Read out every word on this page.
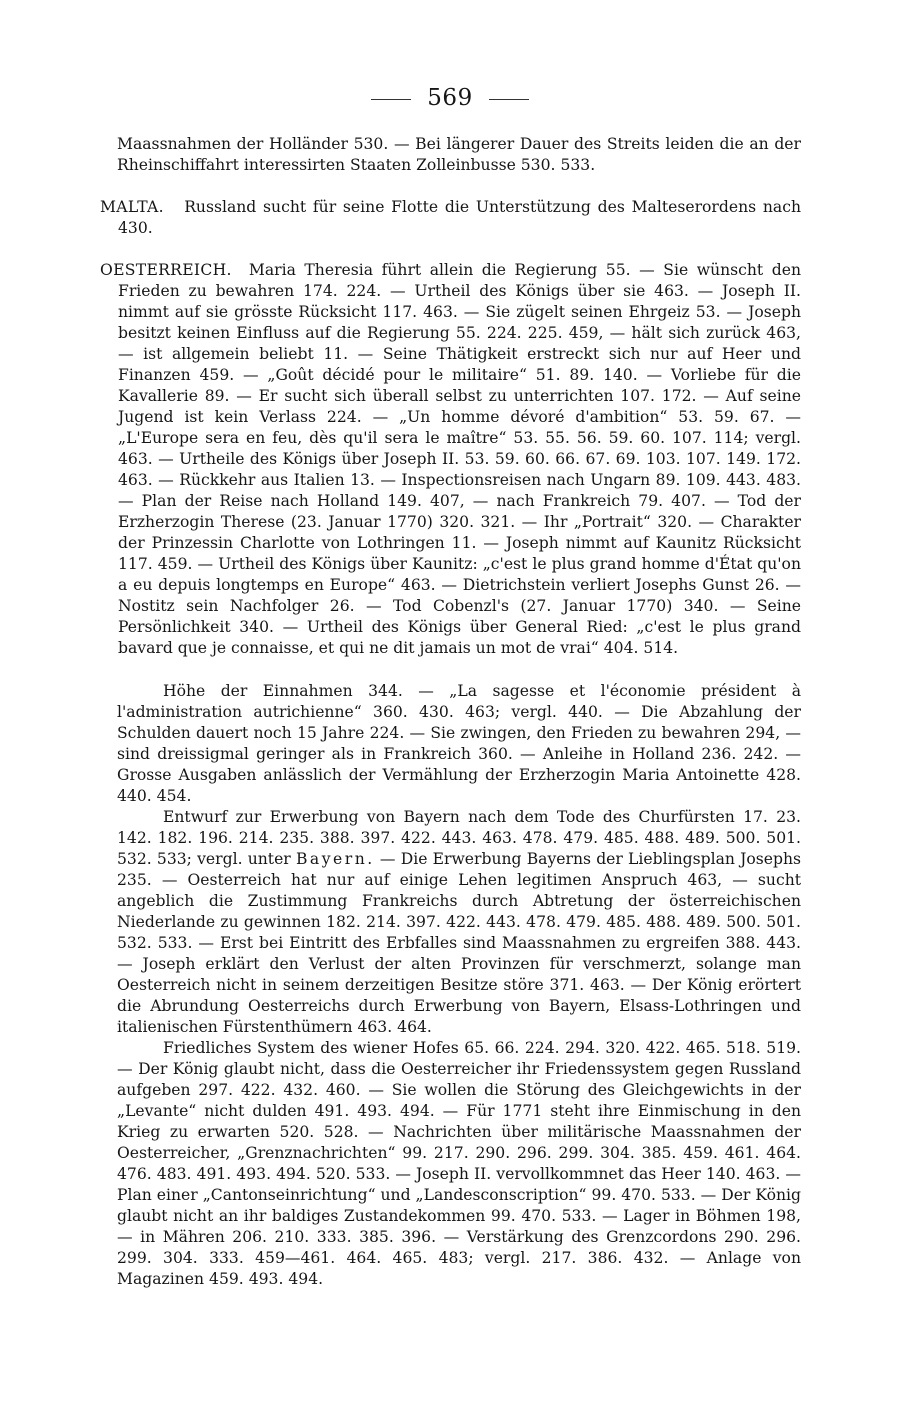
569

Maassnahmen der Holländer 530. — Bei längerer Dauer des Streits leiden die an der Rheinschiffahrt interessirten Staaten Zolleinbusse 530. 533.

MALTA. Russland sucht für seine Flotte die Unterstützung des Malteserordens nach 430.

OESTERREICH. Maria Theresia führt allein die Regierung 55. — Sie wünscht den Frieden zu bewahren 174. 224. — Urtheil des Königs über sie 463. — Joseph II. nimmt auf sie grösste Rücksicht 117. 463. — Sie zügelt seinen Ehrgeiz 53. — Joseph besitzt keinen Einfluss auf die Regierung 55. 224. 225. 459, — hält sich zurück 463, — ist allgemein beliebt 11. — Seine Thätigkeit erstreckt sich nur auf Heer und Finanzen 459. — „Goût décidé pour le militaire“ 51. 89. 140. — Vorliebe für die Kavallerie 89. — Er sucht sich überall selbst zu unterrichten 107. 172. — Auf seine Jugend ist kein Verlass 224. — „Un homme dévoré d'ambition“ 53. 59. 67. — „L'Europe sera en feu, dès qu'il sera le maître“ 53. 55. 56. 59. 60. 107. 114; vergl. 463. — Urtheile des Königs über Joseph II. 53. 59. 60. 66. 67. 69. 103. 107. 149. 172. 463. — Rückkehr aus Italien 13. — Inspectionsreisen nach Ungarn 89. 109. 443. 483. — Plan der Reise nach Holland 149. 407, — nach Frankreich 79. 407. — Tod der Erzherzogin Therese (23. Januar 1770) 320. 321. — Ihr „Portrait“ 320. — Charakter der Prinzessin Charlotte von Lothringen 11. — Joseph nimmt auf Kaunitz Rücksicht 117. 459. — Urtheil des Königs über Kaunitz: „c'est le plus grand homme d'État qu'on a eu depuis longtemps en Europe“ 463. — Dietrichstein verliert Josephs Gunst 26. — Nostitz sein Nachfolger 26. — Tod Cobenzl's (27. Januar 1770) 340. — Seine Persönlichkeit 340. — Urtheil des Königs über General Ried: „c'est le plus grand bavard que je connaisse, et qui ne dit jamais un mot de vrai“ 404. 514.

Höhe der Einnahmen 344. — „La sagesse et l'économie président à l'administration autrichienne“ 360. 430. 463; vergl. 440. — Die Abzahlung der Schulden dauert noch 15 Jahre 224. — Sie zwingen, den Frieden zu bewahren 294, — sind dreissigmal geringer als in Frankreich 360. — Anleihe in Holland 236. 242. — Grosse Ausgaben anlässlich der Vermählung der Erzherzogin Maria Antoinette 428. 440. 454.

Entwurf zur Erwerbung von Bayern nach dem Tode des Churfürsten 17. 23. 142. 182. 196. 214. 235. 388. 397. 422. 443. 463. 478. 479. 485. 488. 489. 500. 501. 532. 533; vergl. unter Bayern. — Die Erwerbung Bayerns der Lieblingsplan Josephs 235. — Oesterreich hat nur auf einige Lehen legitimen Anspruch 463, — sucht angeblich die Zustimmung Frankreichs durch Abtretung der österreichischen Niederlande zu gewinnen 182. 214. 397. 422. 443. 478. 479. 485. 488. 489. 500. 501. 532. 533. — Erst bei Eintritt des Erbfalles sind Maassnahmen zu ergreifen 388. 443. — Joseph erklärt den Verlust der alten Provinzen für verschmerzt, solange man Oesterreich nicht in seinem derzeitigen Besitze störe 371. 463. — Der König erörtert die Abrundung Oesterreichs durch Erwerbung von Bayern, Elsass-Lothringen und italienischen Fürstenthümern 463. 464.

Friedliches System des wiener Hofes 65. 66. 224. 294. 320. 422. 465. 518. 519. — Der König glaubt nicht, dass die Oesterreicher ihr Friedenssystem gegen Russland aufgeben 297. 422. 432. 460. — Sie wollen die Störung des Gleichgewichts in der „Levante“ nicht dulden 491. 493. 494. — Für 1771 steht ihre Einmischung in den Krieg zu erwarten 520. 528. — Nachrichten über militärische Maassnahmen der Oesterreicher, „Grenznachrichten“ 99. 217. 290. 296. 299. 304. 385. 459. 461. 464. 476. 483. 491. 493. 494. 520. 533. — Joseph II. vervollkommnet das Heer 140. 463. — Plan einer „Cantonseinrichtung“ und „Landesconscription“ 99. 470. 533. — Der König glaubt nicht an ihr baldiges Zustandekommen 99. 470. 533. — Lager in Böhmen 198, — in Mähren 206. 210. 333. 385. 396. — Verstärkung des Grenzcordons 290. 296. 299. 304. 333. 459—461. 464. 465. 483; vergl. 217. 386. 432. — Anlage von Magazinen 459. 493. 494.
